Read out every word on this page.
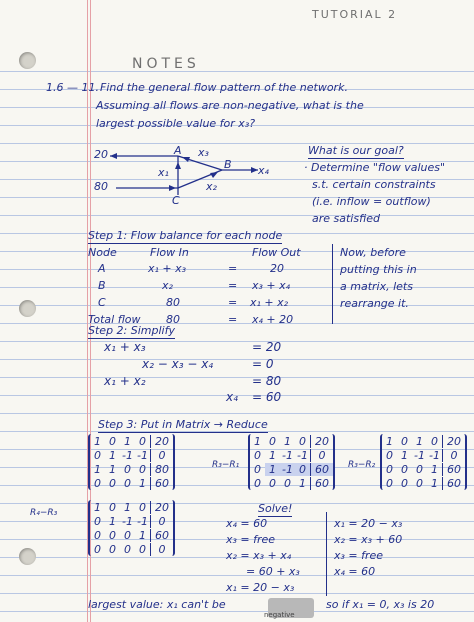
TUTORIAL 2
NOTES
1.6 — 11. Find the general flow pattern of the network.
Assuming all flows are non-negative, what is the
largest possible value for x₃?
20
80
A x₃
B x₄
x₁
x₂
C
What is our goal?
· Determine "flow values"
s.t. certain constraints
(i.e. inflow = outflow)
are satisfied
Step 1: Flow balance for each node
Node	Flow In	Flow Out
A	x₁ + x₃	=	20
B	x₂	= x₃ + x₄
C	80	= x₁ + x₂
Total flow 80	= x₄ + 20
Now, before
putting this in
a matrix, lets
rearrange it.
Step 2: Simplify
x₁ + x₃	= 20
x₂ − x₃ − x₄	= 0
x₁ + x₂	= 80
x₄ = 60
Step 3: Put in Matrix → Reduce
1 0 1 0 20
0 1 -1 -1 0
1 1 0 0 80
0 0 0 1 60
R₃−R₁
1 0 1 0 20
0 1 -1 -1 0
0 1 -1 0 60
0 0 0 1 60
R₃−R₂
1 0 1 0 20
0 1 -1 -1 0
0 0 0 1 60
0 0 0 1 60
R₄−R₃	1 0 1 0 20
0 1 -1 -1 0
0 0 0 1 60
0 0 0 0	0
Solve!
x₄ = 60
x₃ = free
x₂ = x₃ + x₄
= 60 + x₃
x₁ = 20 − x₃
x₁ = 20 − x₃
x₂ = x₃ + 60
x₃ = free
x₄ = 60
largest value: x₁ can't be	so if x₁ = 0, x₃ is 20
negative
